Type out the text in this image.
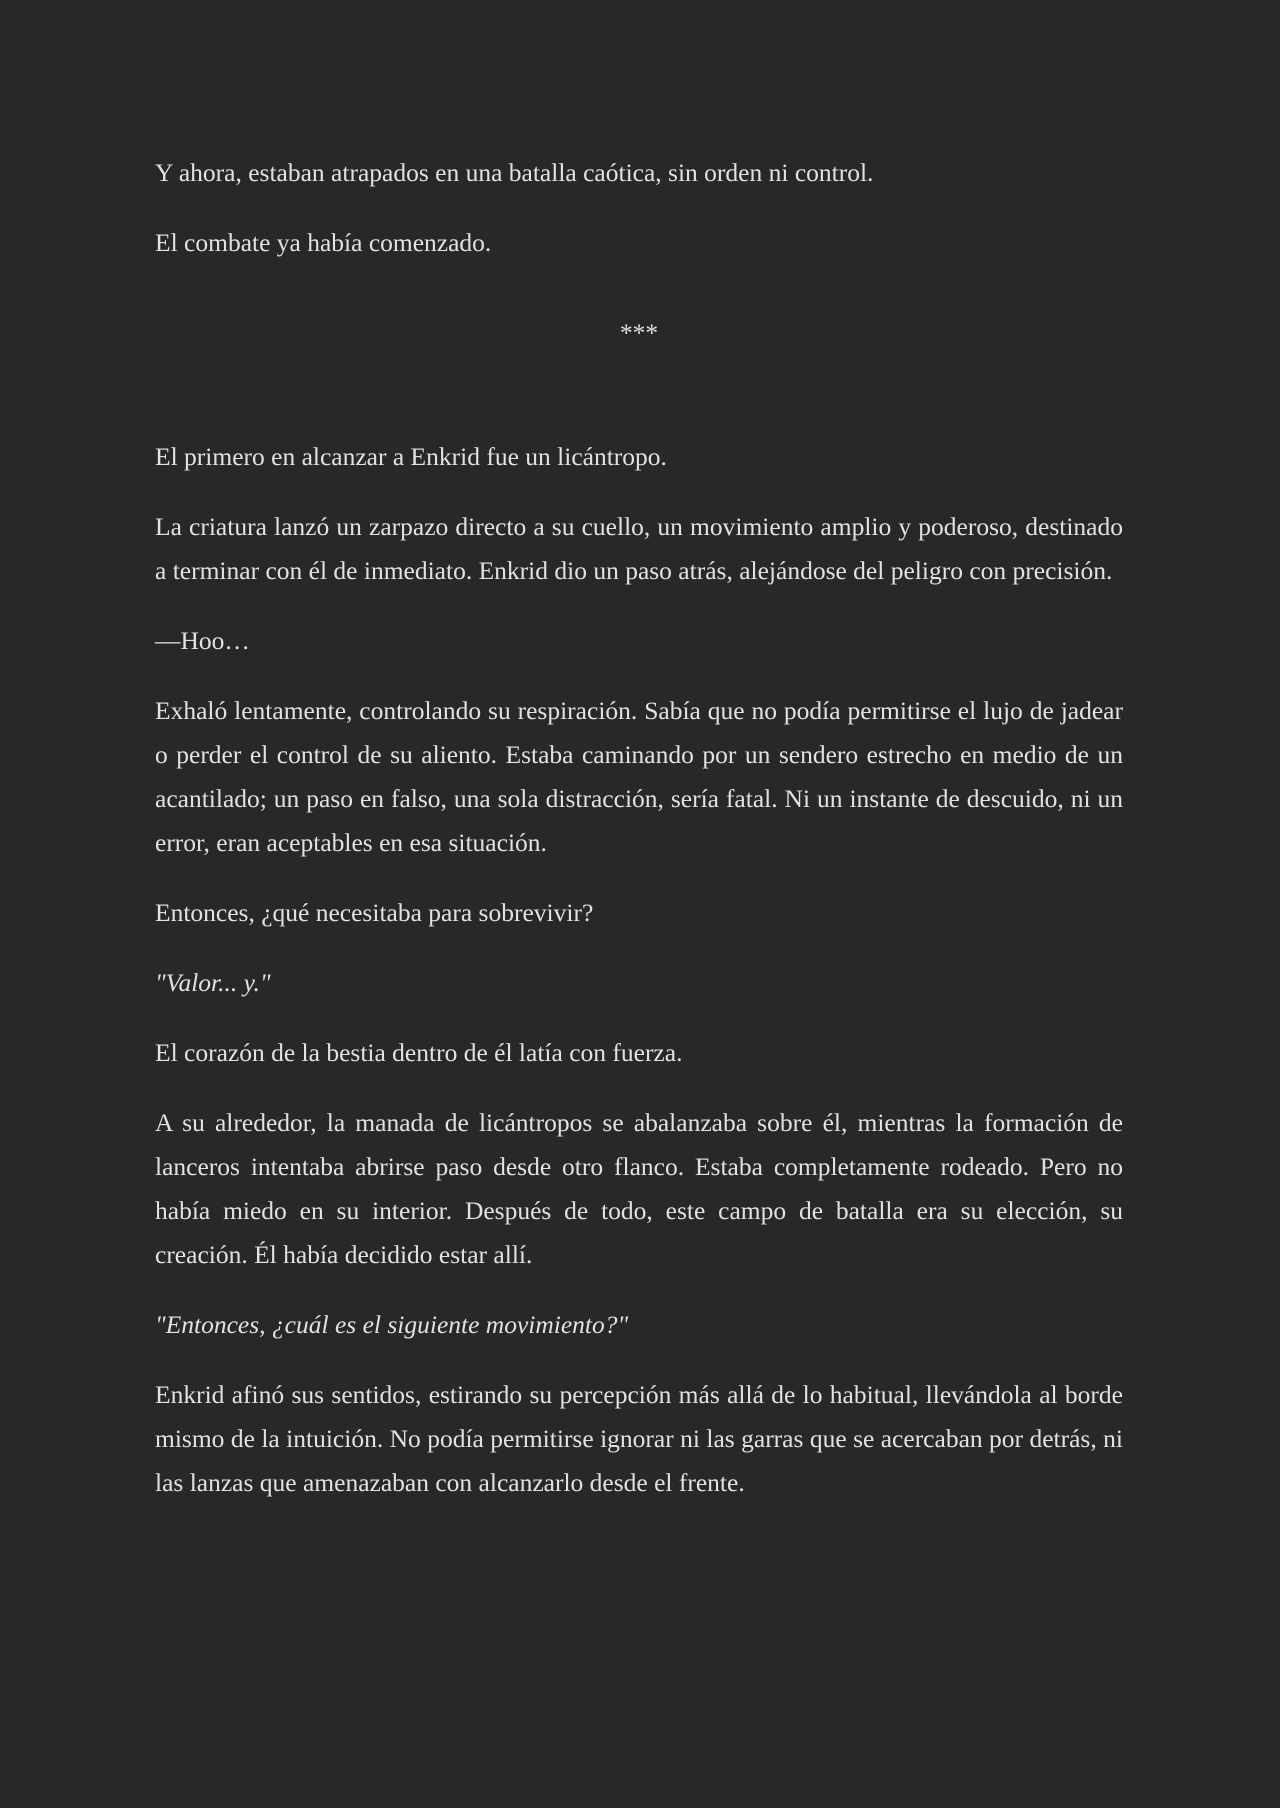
Y ahora, estaban atrapados en una batalla caótica, sin orden ni control.

El combate ya había comenzado.

***

El primero en alcanzar a Enkrid fue un licántropo.

La criatura lanzó un zarpazo directo a su cuello, un movimiento amplio y poderoso, destinado a terminar con él de inmediato. Enkrid dio un paso atrás, alejándose del peligro con precisión.

—Hoo…

Exhaló lentamente, controlando su respiración. Sabía que no podía permitirse el lujo de jadear o perder el control de su aliento. Estaba caminando por un sendero estrecho en medio de un acantilado; un paso en falso, una sola distracción, sería fatal. Ni un instante de descuido, ni un error, eran aceptables en esa situación.

Entonces, ¿qué necesitaba para sobrevivir?

"Valor... y."

El corazón de la bestia dentro de él latía con fuerza.

A su alrededor, la manada de licántropos se abalanzaba sobre él, mientras la formación de lanceros intentaba abrirse paso desde otro flanco. Estaba completamente rodeado. Pero no había miedo en su interior. Después de todo, este campo de batalla era su elección, su creación. Él había decidido estar allí.

"Entonces, ¿cuál es el siguiente movimiento?"

Enkrid afinó sus sentidos, estirando su percepción más allá de lo habitual, llevándola al borde mismo de la intuición. No podía permitirse ignorar ni las garras que se acercaban por detrás, ni las lanzas que amenazaban con alcanzarlo desde el frente.
